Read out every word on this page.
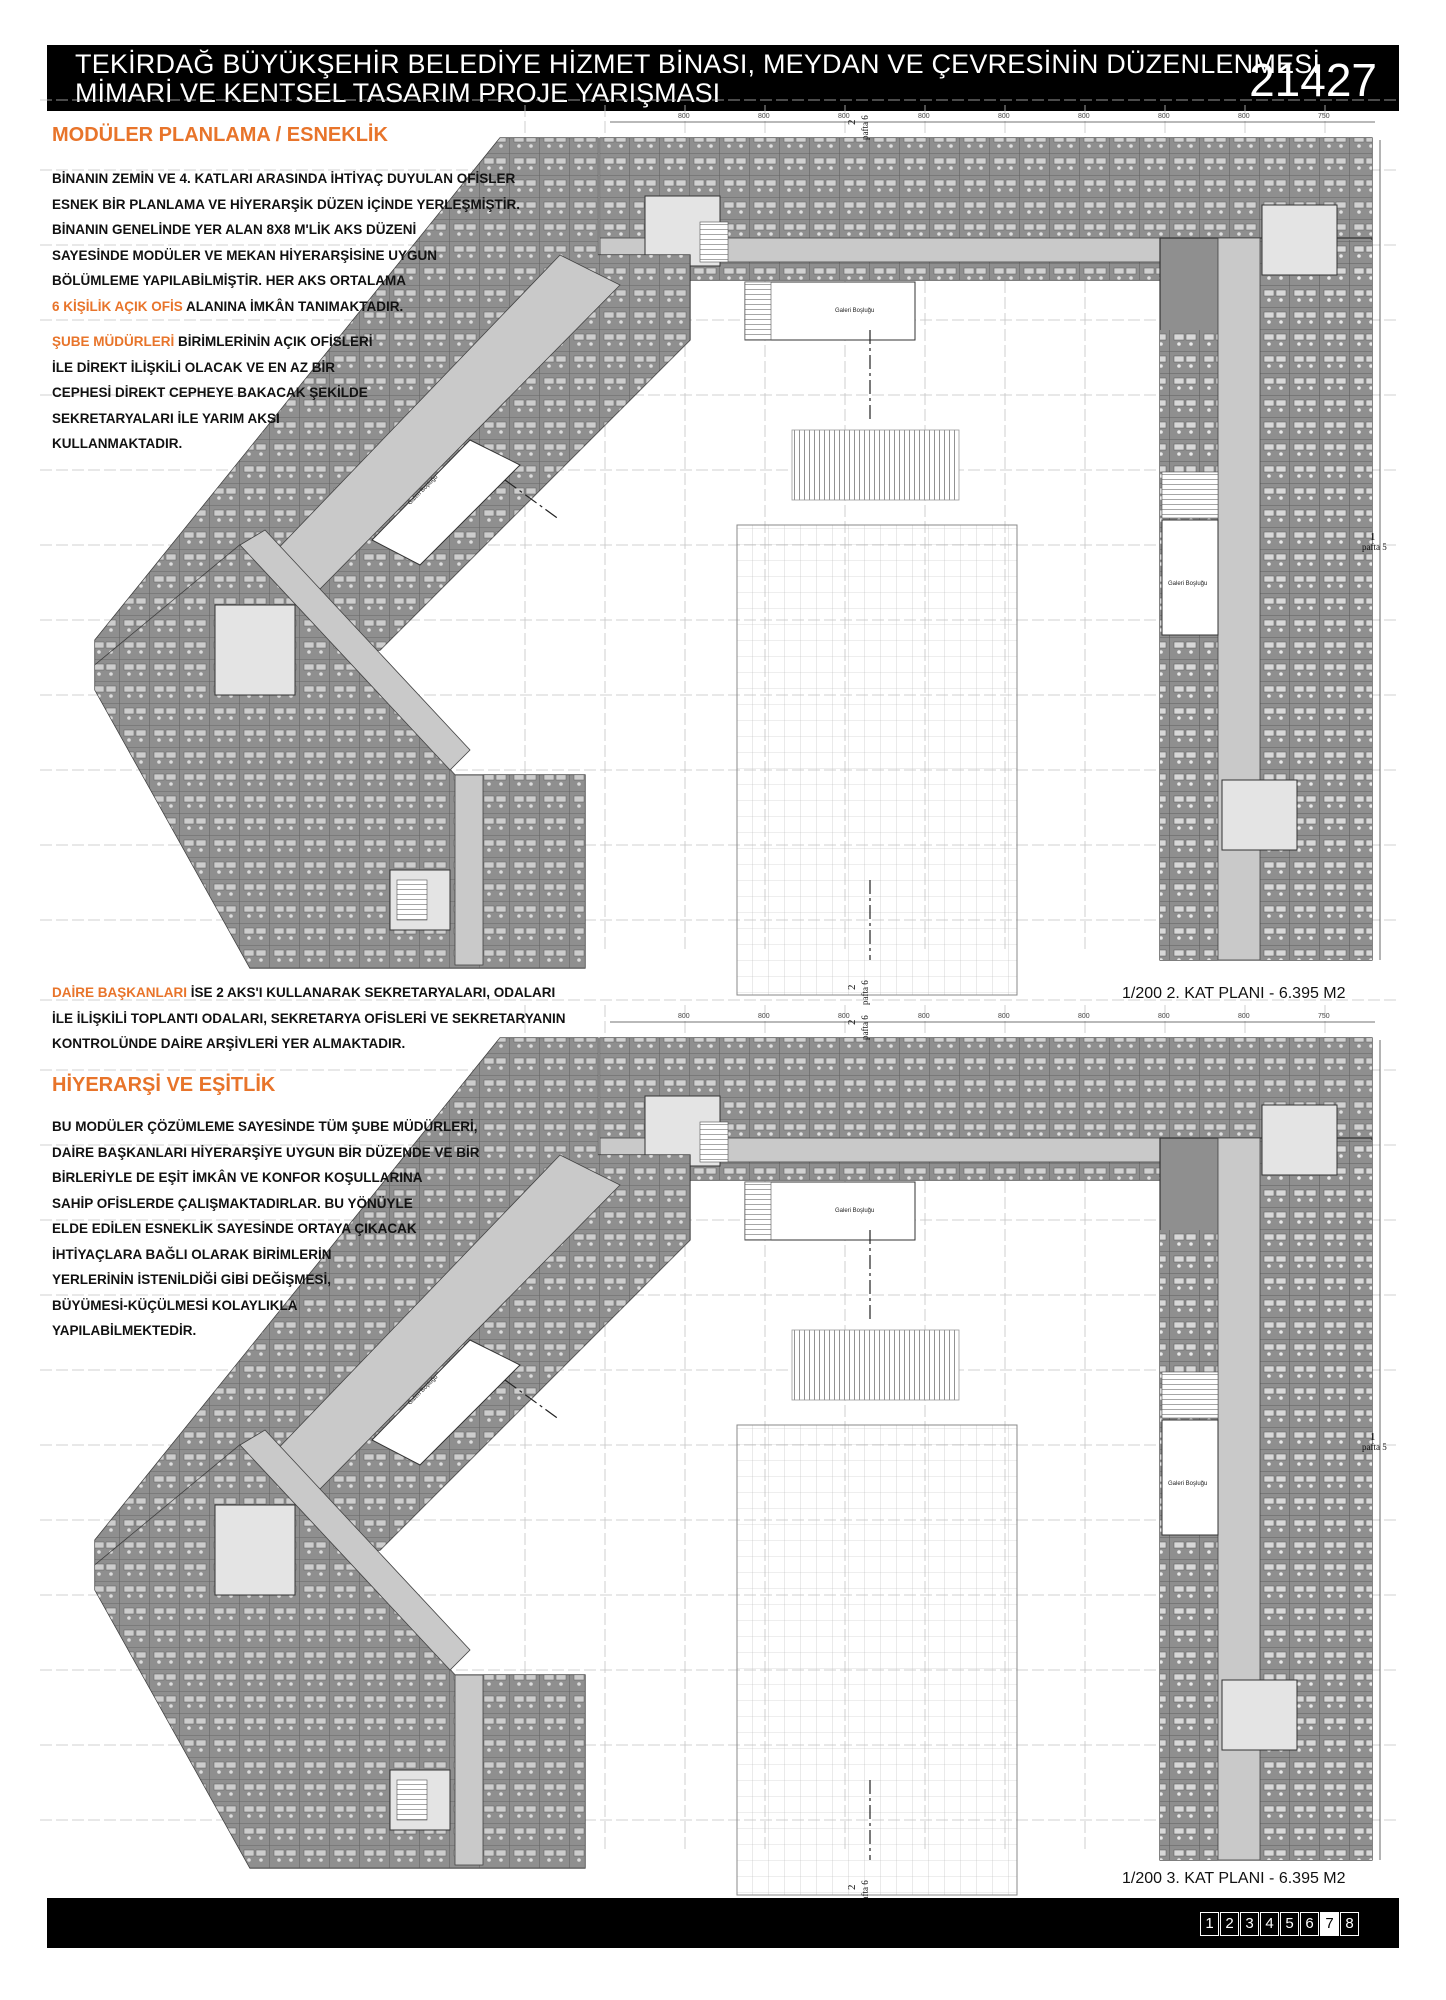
TEKİRDAĞ BÜYÜKŞEHİR BELEDİYE HİZMET BİNASI, MEYDAN VE ÇEVRESİNİN DÜZENLENMESİ
MİMARİ VE KENTSEL TASARIM PROJE YARIŞMASI	21427
MODÜLER PLANLAMA / ESNEKLİK
BİNANIN ZEMİN VE 4. KATLARI ARASINDA İHTİYAÇ DUYULAN OFİSLER
ESNEK BİR PLANLAMA VE HİYERARŞİK DÜZEN İÇİNDE YERLEŞMİŞTİR.
BİNANIN GENELİNDE YER ALAN 8X8 M'LİK AKS DÜZENİ
SAYESİNDE MODÜLER VE MEKAN HİYERARŞİSİNE UYGUN
BÖLÜMLEME YAPILABİLMİŞTİR. HER AKS ORTALAMA
6 KİŞİLİK AÇIK OFİS ALANINA İMKÂN TANIMAKTADIR.
ŞUBE MÜDÜRLERİ BİRİMLERİNİN AÇIK OFİSLERİ
İLE DİREKT İLİŞKİLİ OLACAK VE EN AZ BİR
CEPHESİ DİREKT CEPHEYE BAKACAK ŞEKİLDE
SEKRETARYALARI İLE YARIM AKSI
KULLANMAKTADIR.
DAİRE BAŞKANLARI İSE 2 AKS'I KULLANARAK SEKRETARYALARI, ODALARI
İLE İLİŞKİLİ TOPLANTI ODALARI, SEKRETARYA OFİSLERİ VE SEKRETARYANIN
KONTROLÜNDE DAİRE ARŞİVLERİ YER ALMAKTADIR.
HİYERARŞİ VE EŞİTLİK
BU MODÜLER ÇÖZÜMLEME SAYESİNDE TÜM ŞUBE MÜDÜRLERİ,
DAİRE BAŞKANLARI HİYERARŞİYE UYGUN BİR DÜZENDE VE BİR
BİRLERİYLE DE EŞİT İMKÂN VE KONFOR KOŞULLARINA
SAHİP OFİSLERDE ÇALIŞMAKTADIRLAR. BU YÖNÜYLE
ELDE EDİLEN ESNEKLİK SAYESİNDE ORTAYA ÇIKACAK
İHTİYAÇLARA BAĞLI OLARAK BİRİMLERİN
YERLERİNİN İSTENİLDİĞİ GİBİ DEĞİŞMESİ,
BÜYÜMESİ-KÜÇÜLMESİ KOLAYLIKLA
YAPILABİLMEKTEDİR.
1/200 2. KAT PLANI - 6.395 M2
1/200 3. KAT PLANI - 6.395 M2
1 2 3 4 5 6 7 8
